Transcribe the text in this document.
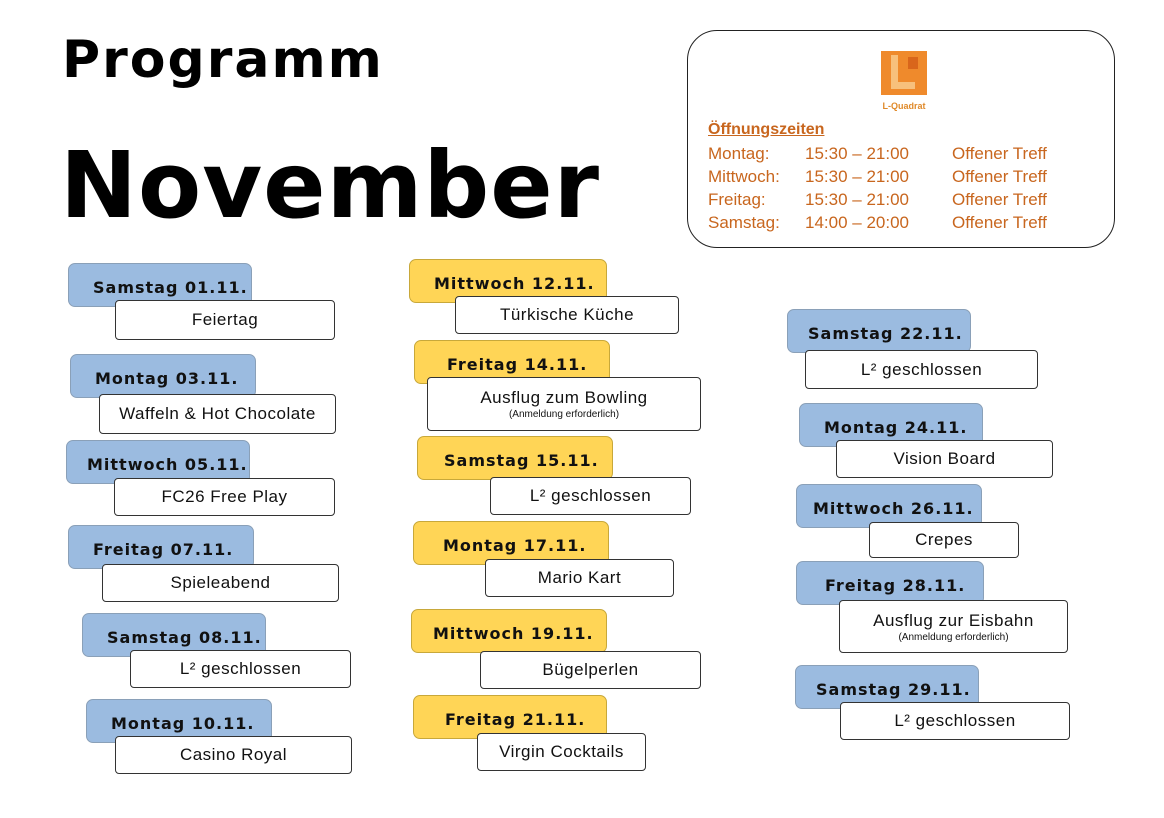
Programm
November
L-Quadrat
Öffnungszeiten
Montag: 15:30 – 21:00	Offener Treff
Mittwoch: 15:30 – 21:00	Offener Treff
Freitag: 15:30 – 21:00	Offener Treff
Samstag: 14:00 – 20:00	Offener Treff
Samstag 01.11.
Feiertag
Montag 03.11.
Waffeln & Hot Chocolate
Mittwoch 05.11.
FC26 Free Play
Freitag 07.11.
Spieleabend
Samstag 08.11.
L² geschlossen
Montag 10.11.
Casino Royal
Mittwoch 12.11.
Türkische Küche
Freitag 14.11.
Ausflug zum Bowling
(Anmeldung erforderlich)
Samstag 15.11.
L² geschlossen
Montag 17.11.
Mario Kart
Mittwoch 19.11.
Bügelperlen
Freitag 21.11.
Virgin Cocktails
Samstag 22.11.
L² geschlossen
Montag 24.11.
Vision Board
Mittwoch 26.11.
Crepes
Freitag 28.11.
Ausflug zur Eisbahn
(Anmeldung erforderlich)
Samstag 29.11.
L² geschlossen
